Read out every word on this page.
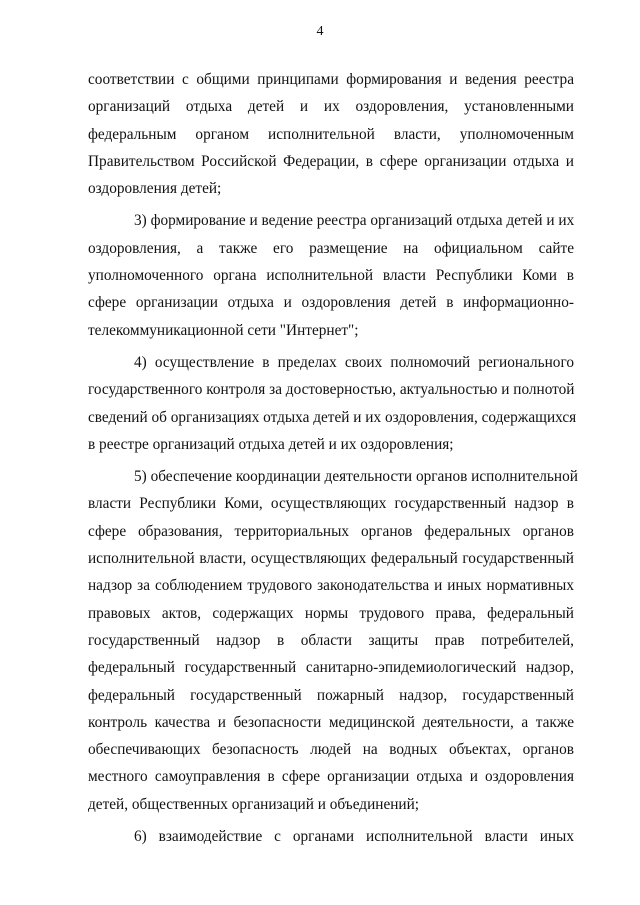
4
соответствии с общими принципами формирования и ведения реестра
организаций отдыха детей и их оздоровления, установленными
федеральным органом исполнительной власти, уполномоченным
Правительством Российской Федерации, в сфере организации отдыха и
оздоровления детей;
3) формирование и ведение реестра организаций отдыха детей и их
оздоровления, а также его размещение на официальном сайте
уполномоченного органа исполнительной власти Республики Коми в
сфере организации отдыха и оздоровления детей в информационно-
телекоммуникационной сети "Интернет";
4) осуществление в пределах своих полномочий регионального
государственного контроля за достоверностью, актуальностью и полнотой
сведений об организациях отдыха детей и их оздоровления, содержащихся
в реестре организаций отдыха детей и их оздоровления;
5) обеспечение координации деятельности органов исполнительной
власти Республики Коми, осуществляющих государственный надзор в
сфере образования, территориальных органов федеральных органов
исполнительной власти, осуществляющих федеральный государственный
надзор за соблюдением трудового законодательства и иных нормативных
правовых актов, содержащих нормы трудового права, федеральный
государственный надзор в области защиты прав потребителей,
федеральный государственный санитарно-эпидемиологический надзор,
федеральный государственный пожарный надзор, государственный
контроль качества и безопасности медицинской деятельности, а также
обеспечивающих безопасность людей на водных объектах, органов
местного самоуправления в сфере организации отдыха и оздоровления
детей, общественных организаций и объединений;
6) взаимодействие с органами исполнительной власти иных
